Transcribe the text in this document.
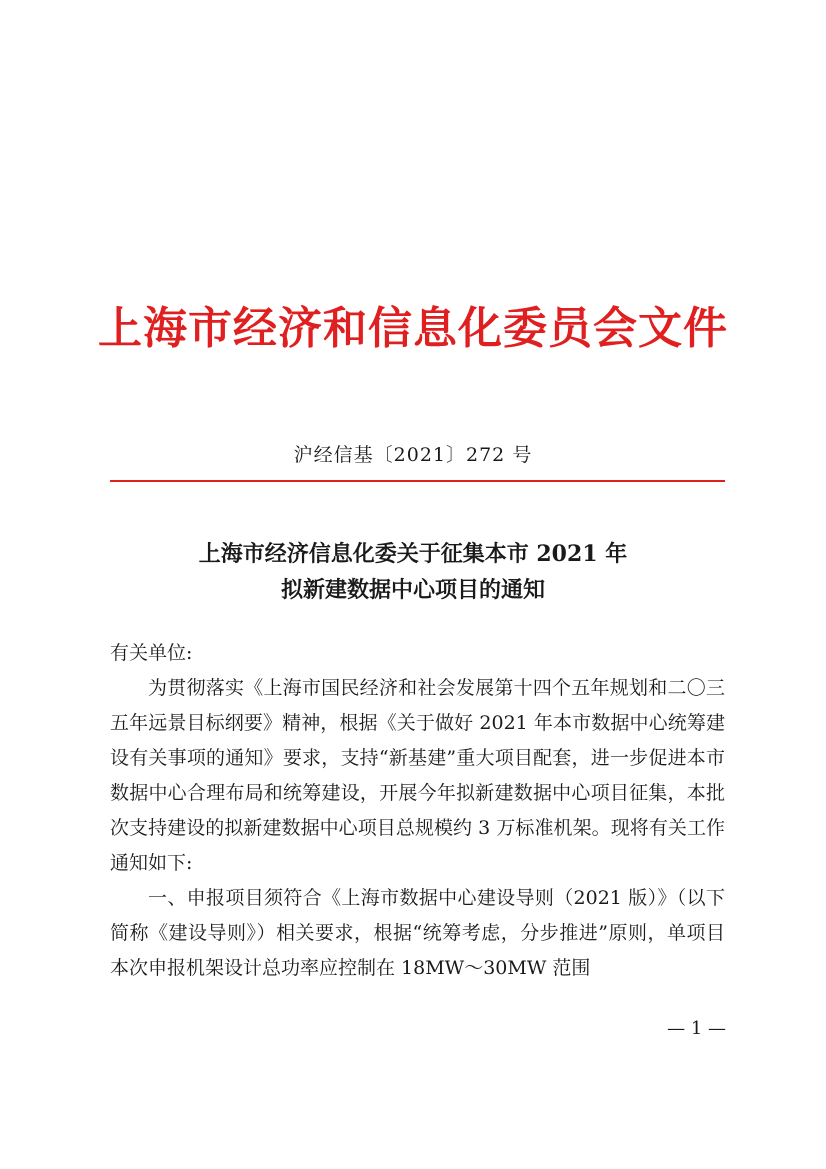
上海市经济和信息化委员会文件
沪经信基〔2021〕272 号
上海市经济信息化委关于征集本市 2021 年
拟新建数据中心项目的通知

有关单位:

为贯彻落实《上海市国民经济和社会发展第十四个五年规划和二〇三五年远景目标纲要》精神，根据《关于做好 2021 年本市数据中心统筹建设有关事项的通知》要求，支持“新基建”重大项目配套，进一步促进本市数据中心合理布局和统筹建设，开展今年拟新建数据中心项目征集，本批次支持建设的拟新建数据中心项目总规模约 3 万标准机架。现将有关工作通知如下:

一、申报项目须符合《上海市数据中心建设导则（2021 版）》（以下简称《建设导则》）相关要求，根据“统筹考虑，分步推进”原则，单项目本次申报机架设计总功率应控制在 18MW～30MW 范围

— 1 —
